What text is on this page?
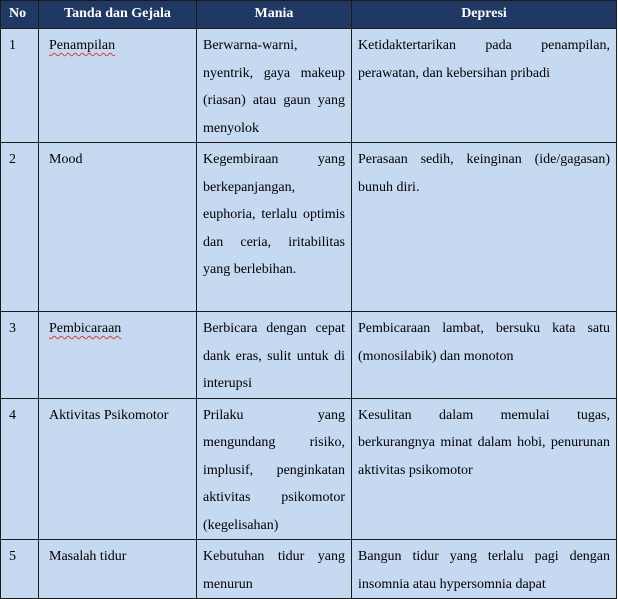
No	Tanda dan Gejala	Mania	Depresi
1	Penampilan	Berwarna-warni, nyentrik, gaya makeup (riasan) atau gaun yang menyolok	Ketidaktertarikan pada penampilan, perawatan, dan kebersihan pribadi
2	Mood	Kegembiraan yang berkepanjangan, euphoria, terlalu optimis dan ceria, iritabilitas yang berlebihan.	Perasaan sedih, keinginan (ide/gagasan) bunuh diri.
3	Pembicaraan	Berbicara dengan cepat dank eras, sulit untuk di interupsi	Pembicaraan lambat, bersuku kata satu (monosilabik) dan monoton
4	Aktivitas Psikomotor	Prilaku yang mengundang risiko, implusif, penginkatan aktivitas psikomotor (kegelisahan)	Kesulitan dalam memulai tugas, berkurangnya minat dalam hobi, penurunan aktivitas psikomotor
5	Masalah tidur	Kebutuhan tidur yang menurun	Bangun tidur yang terlalu pagi dengan insomnia atau hypersomnia dapat
